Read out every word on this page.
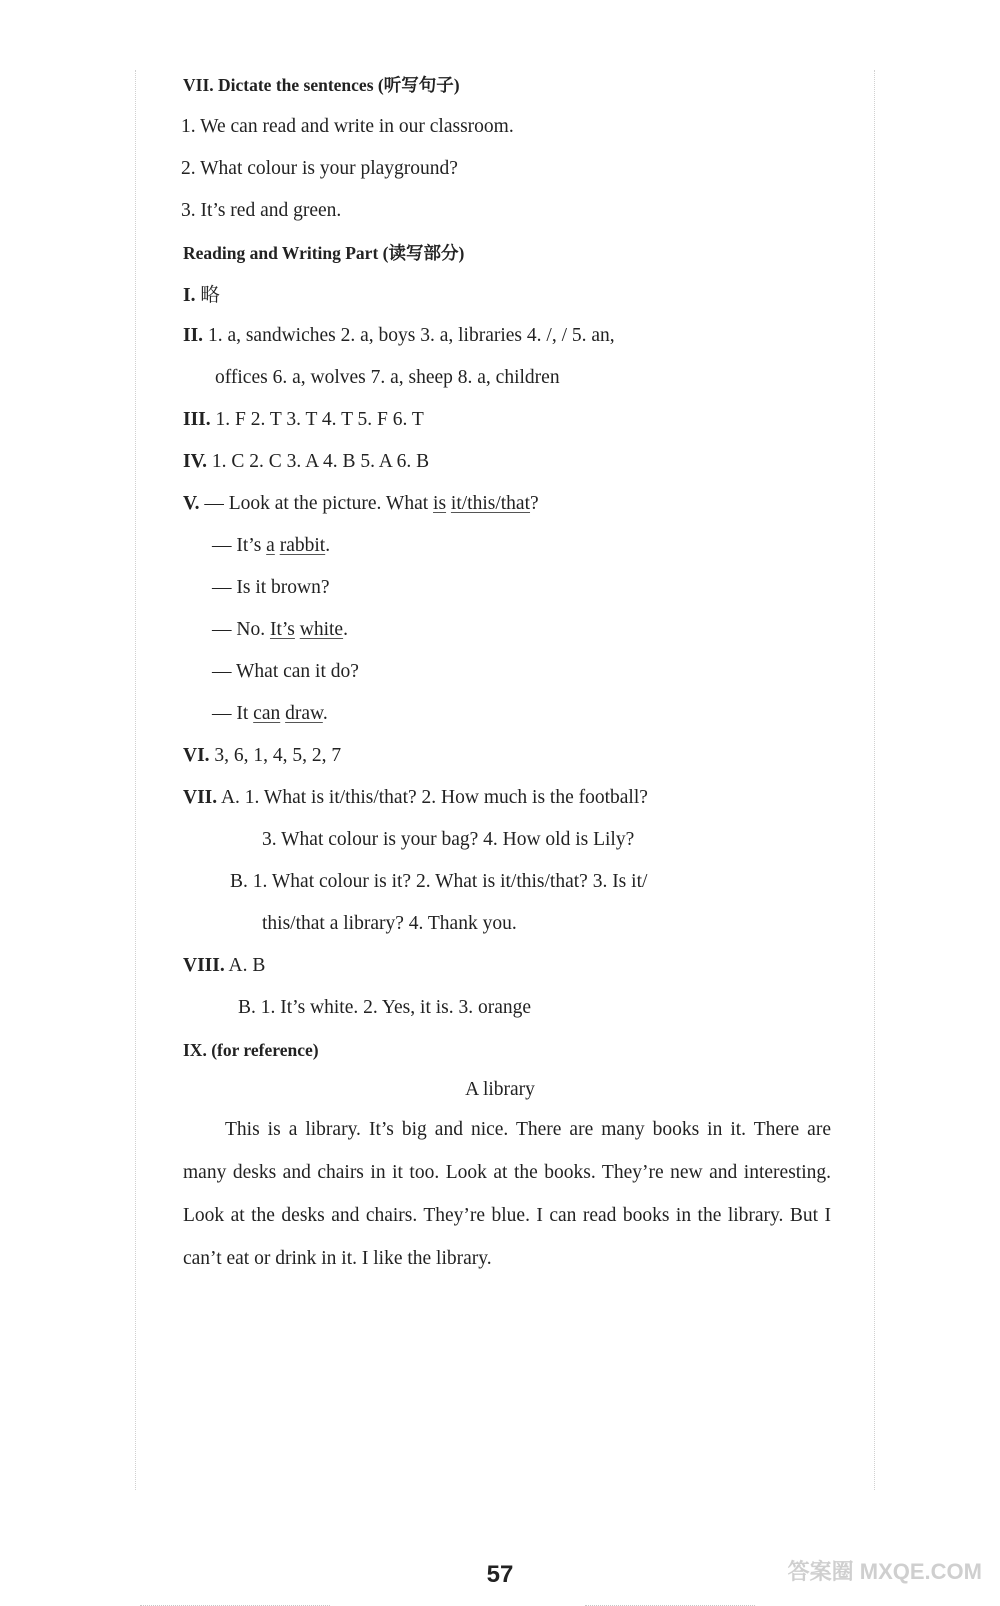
VII. Dictate the sentences (听写句子)
1. We can read and write in our classroom.
2. What colour is your playground?
3. It’s red and green.
Reading and Writing Part (读写部分)
I. 略
II. 1. a, sandwiches 2. a, boys 3. a, libraries 4. /, / 5. an,
offices 6. a, wolves 7. a, sheep 8. a, children
III. 1. F 2. T 3. T 4. T 5. F 6. T
IV. 1. C 2. C 3. A 4. B 5. A 6. B
V. — Look at the picture. What is it/this/that?
— It’s a rabbit.
— Is it brown?
— No. It’s white.
— What can it do?
— It can draw.
VI. 3, 6, 1, 4, 5, 2, 7
VII. A. 1. What is it/this/that? 2. How much is the football?
3. What colour is your bag? 4. How old is Lily?
B. 1. What colour is it? 2. What is it/this/that? 3. Is it/
this/that a library? 4. Thank you.
VIII. A. B
B. 1. It’s white. 2. Yes, it is. 3. orange
IX. (for reference)
A library
This is a library. It’s big and nice. There are many books in it. There are many desks and chairs in it too. Look at the books. They’re new and interesting. Look at the desks and chairs. They’re blue. I can read books in the library. But I can’t eat or drink in it. I like the library.
57	答案圈 MXQE.COM
